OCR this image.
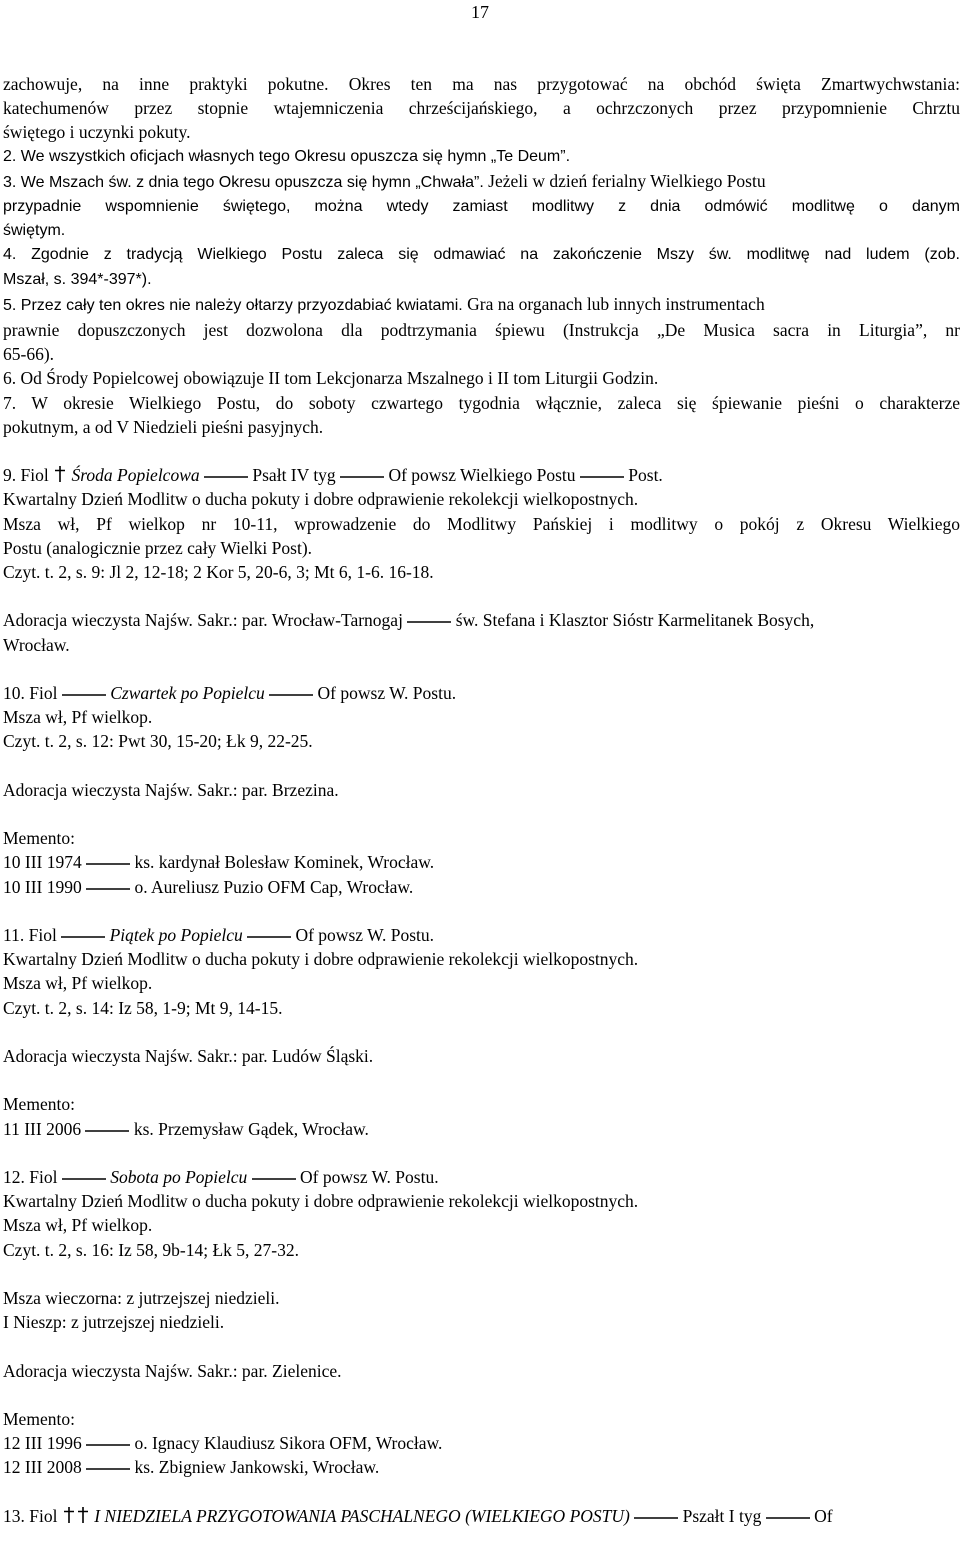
17

zachowuje, na inne praktyki pokutne. Okres ten ma nas przygotować na obchód święta Zmartwychwstania:

katechumenów przez stopnie wtajemniczenia chrześcijańskiego, a ochrzczonych przez przypomnienie Chrztu

świętego i uczynki pokuty.

2. We wszystkich oficjach własnych tego Okresu opuszcza się hymn „Te Deum”.

3. We Mszach św. z dnia tego Okresu opuszcza się hymn „Chwała”. Jeżeli w dzień ferialny Wielkiego Postu

przypadnie wspomnienie świętego, można wtedy zamiast modlitwy z dnia odmówić modlitwę o danym

świętym.

4. Zgodnie z tradycją Wielkiego Postu zaleca się odmawiać na zakończenie Mszy św. modlitwę nad ludem (zob.

Mszał, s. 394*-397*).

5. Przez cały ten okres nie należy ołtarzy przyozdabiać kwiatami. Gra na organach lub innych instrumentach

prawnie dopuszczonych jest dozwolona dla podtrzymania śpiewu (Instrukcja „De Musica sacra in Liturgia”, nr

65-66).

6. Od Środy Popielcowej obowiązuje II tom Lekcjonarza Mszalnego i II tom Liturgii Godzin.

7. W okresie Wielkiego Postu, do soboty czwartego tygodnia włącznie, zaleca się śpiewanie pieśni o charakterze

pokutnym, a od V Niedzieli pieśni pasyjnych.

9. Fiol Środa Popielcowa	Psałt IV tyg	Of powsz Wielkiego Postu	Post.

Kwartalny Dzień Modlitw o ducha pokuty i dobre odprawienie rekolekcji wielkopostnych.

Msza wł, Pf wielkop nr 10-11, wprowadzenie do Modlitwy Pańskiej i modlitwy o pokój z Okresu Wielkiego

Postu (analogicznie przez cały Wielki Post).

Czyt. t. 2, s. 9: Jl 2, 12-18; 2 Kor 5, 20-6, 3; Mt 6, 1-6. 16-18.

Adoracja wieczysta Najśw. Sakr.: par. Wrocław-Tarnogaj	św. Stefana i Klasztor Sióstr Karmelitanek Bosych,

Wrocław.

10. Fiol	Czwartek po Popielcu	Of powsz W. Postu.

Msza wł, Pf wielkop.

Czyt. t. 2, s. 12: Pwt 30, 15-20; Łk 9, 22-25.

Adoracja wieczysta Najśw. Sakr.: par. Brzezina.

Memento:

10 III 1974	ks. kardynał Bolesław Kominek, Wrocław.

10 III 1990	o. Aureliusz Puzio OFM Cap, Wrocław.

11. Fiol	Piątek po Popielcu	Of powsz W. Postu.

Kwartalny Dzień Modlitw o ducha pokuty i dobre odprawienie rekolekcji wielkopostnych.

Msza wł, Pf wielkop.

Czyt. t. 2, s. 14: Iz 58, 1-9; Mt 9, 14-15.

Adoracja wieczysta Najśw. Sakr.: par. Ludów Śląski.

Memento:

11 III 2006	ks. Przemysław Gądek, Wrocław.

12. Fiol	Sobota po Popielcu	Of powsz W. Postu.

Kwartalny Dzień Modlitw o ducha pokuty i dobre odprawienie rekolekcji wielkopostnych.

Msza wł, Pf wielkop.

Czyt. t. 2, s. 16: Iz 58, 9b-14; Łk 5, 27-32.

Msza wieczorna: z jutrzejszej niedzieli.

I Nieszp: z jutrzejszej niedzieli.

Adoracja wieczysta Najśw. Sakr.: par. Zielenice.

Memento:

12 III 1996	o. Ignacy Klaudiusz Sikora OFM, Wrocław.

12 III 2008	ks. Zbigniew Jankowski, Wrocław.

13. Fiol I NIEDZIELA PRZYGOTOWANIA PASCHALNEGO (WIELKIEGO POSTU)	Pszałt I tyg	Of
